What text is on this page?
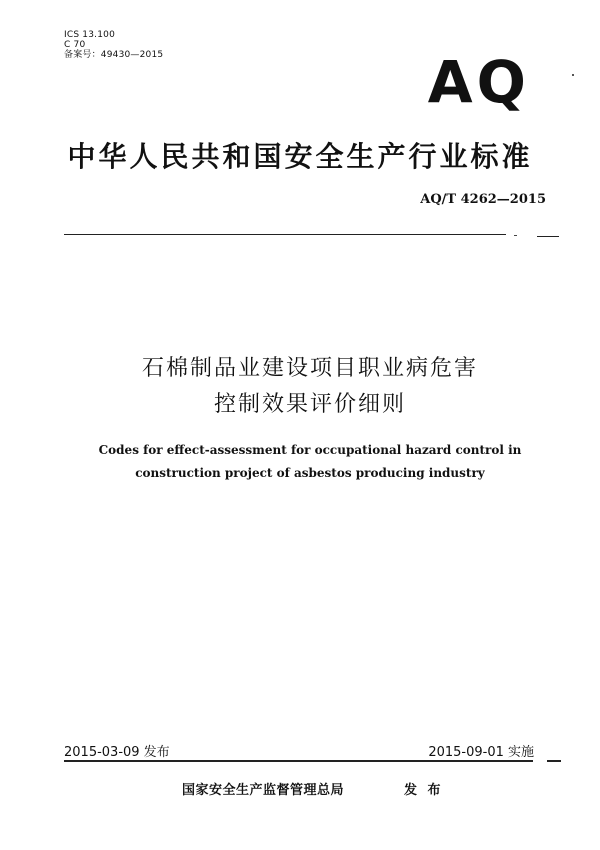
ICS 13.100
C 70
备案号：49430—2015	AQ
中华人民共和国安全生产行业标准
AQ/T 4262—2015
石棉制品业建设项目职业病危害
控制效果评价细则
Codes for effect-assessment for occupational hazard control in
construction project of asbestos producing industry
2015-03-09 发布	2015-09-01 实施
国家安全生产监督管理总局	发 布
